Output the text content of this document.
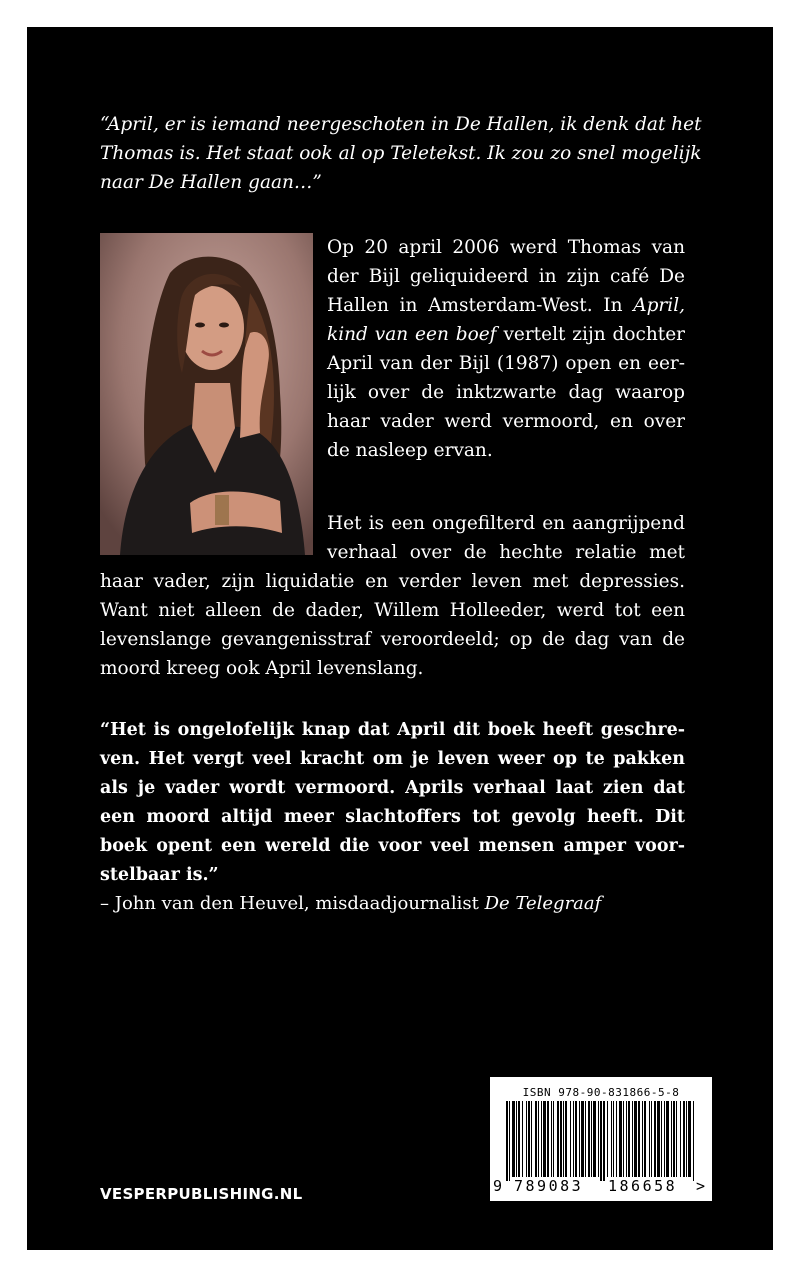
“April, er is iemand neergeschoten in De Hallen, ik denk dat het
Thomas is. Het staat ook al op Teletekst. Ik zou zo snel mogelijk
naar De Hallen gaan…”

Op 20 april 2006 werd Thomas van
der Bijl geliquideerd in zijn café De
Hallen in Amsterdam-West. In April,
kind van een boef vertelt zijn dochter
April van der Bijl (1987) open en eer-
lijk over de inktzwarte dag waarop
haar vader werd vermoord, en over
de nasleep ervan.

Het is een ongefilterd en aangrijpend
verhaal over de hechte relatie met
haar vader, zijn liquidatie en verder leven met depressies.
Want niet alleen de dader, Willem Holleeder, werd tot een
levenslange gevangenisstraf veroordeeld; op de dag van de
moord kreeg ook April levenslang.

“Het is ongelofelijk knap dat April dit boek heeft geschre-
ven. Het vergt veel kracht om je leven weer op te pakken
als je vader wordt vermoord. Aprils verhaal laat zien dat
een moord altijd meer slachtoffers tot gevolg heeft. Dit
boek opent een wereld die voor veel mensen amper voor-
stelbaar is.”

– John van den Heuvel, misdaadjournalist De Telegraaf

VESPERPUBLISHING.NL

ISBN 978-90-831866-5-8
9 789083 186658 >
